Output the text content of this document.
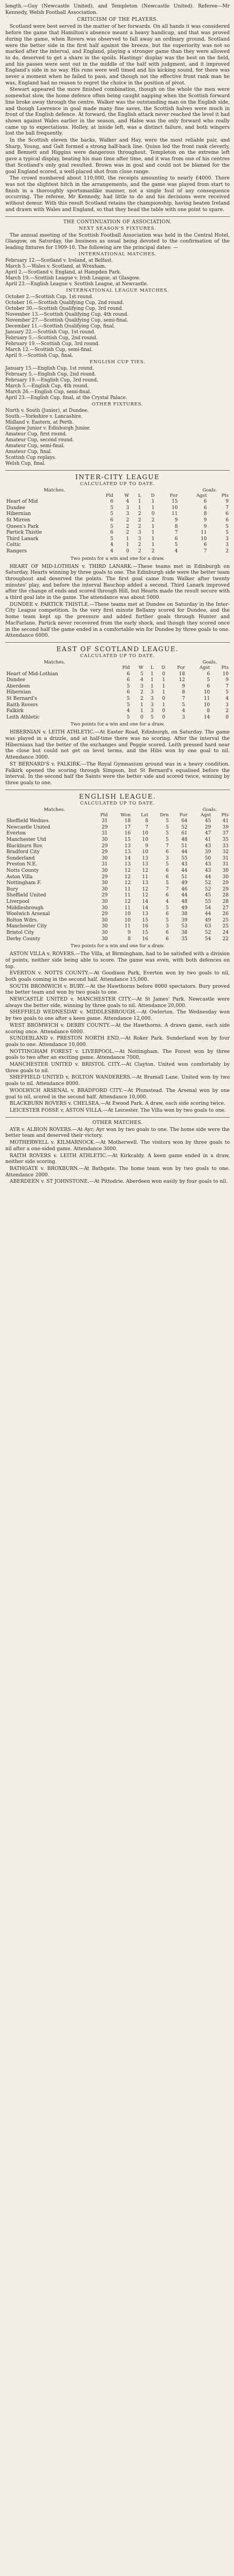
length.—Guy (Newcastle United), and Templeton (Newcastle United). Referee—Mr Kennedy, Welsh Football Association.

CRITICISM OF THE PLAYERS.

Scotland were best served in the matter of her forwards. On all hands it was considered before the game that Hamilton's absence meant a heavy handicap, and that was proved during the game, when Rovers was observed to fall away an ordinary ground. Scotland were the better side in the first half against the breeze, but the superiority was not so marked after the interval, and England, playing a stronger game than they were allowed to do, deserved to get a share in the spoils. Hastings' display was the best on the field, and his passes were sent out in the middle of the half with judgment, and it improved England's side in no way. His runs were well timed and his kicking sound, for there was never a moment when he failed to pass, and though not the effective front rank man he was, England had no reason to regret the choice in the position of pivot.

Stewart appeared the more finished combination, though on the whole the men were somewhat slow, the home defence often being caught napping when the Scottish forward line broke away through the centre. Walker was the outstanding man on the English side, and though Lawrence in goal made many fine saves, the Scottish halves were much in front of the English defence. At forward, the English attack never reached the level it had shown against Wales earlier in the season, and Halse was the only forward who really came up to expectations. Holley, at inside left, was a distinct failure, and both wingers lost the ball frequently.

In the Scottish eleven the backs, Walker and Hay, were the most reliable pair, and Sharp, Young, and Galt formed a strong half-back line. Quinn led the front rank cleverly, and Bennett and Higgins were dangerous throughout. Templeton on the extreme left gave a typical display, beating his man time after time, and it was from one of his centres that Scotland's only goal resulted. Brown was in goal and could not be blamed for the goal England scored, a well-placed shot from close range.

The crowd numbered about 110,000, the receipts amounting to nearly £4000. There was not the slightest hitch in the arrangements, and the game was played from start to finish in a thoroughly sportsmanlike manner, not a single foul of any consequence occurring. The referee, Mr Kennedy, had little to do and his decisions were received without demur. With this result Scotland retains the championship, having beaten Ireland and drawn with Wales and England, so that they head the table with one point to spare.

THE CONTINUATION OF ASSOCIATION.
NEXT SEASON'S FIXTURES.

The annual meeting of the Scottish Football Association was held in the Central Hotel, Glasgow, on Saturday, the business as usual being devoted to the confirmation of the leading fixtures for 1909-10. The following are the principal dates: —

INTERNATIONAL MATCHES.
February 12.—Scotland v. Ireland, at Belfast.
March 5.—Wales v. Scotland, at Wrexham.
April 2.—Scotland v. England, at Hampden Park.
March 19.—Scottish League v. Irish League, at Glasgow.
April 23.—English League v. Scottish League, at Newcastle.
INTERNATIONAL LEAGUE MATCHES.
October 2.—Scottish Cup, 1st round.
October 16.—Scottish Qualifying Cup, 2nd round.
October 30.—Scottish Qualifying Cup, 3rd round.
November 13.—Scottish Qualifying Cup, 4th round.
November 27.—Scottish Qualifying Cup, semi-final.
December 11.—Scottish Qualifying Cup, final.
January 22.—Scottish Cup, 1st round.
February 5.—Scottish Cup, 2nd round.
February 19.—Scottish Cup, 3rd round.
March 12.—Scottish Cup, semi-final.
April 9.—Scottish Cup, final.
ENGLISH CUP TIES.
January 15.—English Cup, 1st round.
February 5.—English Cup, 2nd round.
February 19.—English Cup, 3rd round.
March 5.—English Cup, 4th round.
March 26.—English Cup, semi-final.
April 23.—English Cup, final, at the Crystal Palace.
OTHER FIXTURES.
North v. South (Junior), at Dundee.
South.—Yorkshire v. Lancashire.
Midland v. Eastern, at Perth.
Glasgow Junior v. Edinburgh Junior.
Amateur Cup, first round.
Amateur Cup, second round.
Amateur Cup, semi-final.
Amateur Cup, final.
Scottish Cup replays.
Welsh Cup, final.
INTER-CITY LEAGUE
CALCULATED UP TO DATE.
Matches.	Goals.
	Pld	W	L	D	For	Agst	Pts
Heart of Mid	6	4	1	1	15	6	9
Dundee	5	3	1	1	10	6	7
Hibernian	5	3	2	0	11	8	6
St Mirren	6	2	2	2	9	9	6
Queen's Park	5	2	2	1	8	9	5
Partick Thistle	6	2	3	1	7	11	5
Third Lanark	5	1	3	1	6	10	3
Celtic	4	1	2	1	5	6	3
Rangers	4	0	2	2	4	7	2
Two points for a win and one for a draw.

HEART OF MID-LOTHIAN v. THIRD LANARK.—These teams met in Edinburgh on Saturday, Hearts winning by three goals to one. The Edinburgh side were the better team throughout and deserved the points. The first goal came from Walker after twenty minutes' play, and before the interval Bauchop added a second. Third Lanark improved after the change of ends and scored through Hill, but Hearts made the result secure with a third goal late in the game. The attendance was about 5000.

DUNDEE v. PARTICK THISTLE.—These teams met at Dundee on Saturday in the Inter-City League competition. In the very first minute Bellamy scored for Dundee, and the home team kept up the pressure and added further goals through Hunter and MacFarlane. Partick never recovered from the early shock, and though they scored once in the second half the game ended in a comfortable win for Dundee by three goals to one. Attendance 6000.

EAST OF SCOTLAND LEAGUE.
CALCULATED UP TO DATE.
Matches.	Goals.
	Pld	W	L	D	For	Agst	Pts
Heart of Mid-Lothian	6	5	1	0	18	6	10
Dundee	6	4	1	1	12	5	9
Aberdeen	5	3	1	1	9	6	7
Hibernian	6	2	3	1	8	10	5
St Bernard's	5	2	3	0	7	11	4
Raith Rovers	5	1	3	1	5	10	3
Falkirk	4	1	3	0	4	8	2
Leith Athletic	5	0	5	0	3	14	0
Two points for a win and one for a draw.

HIBERNIAN v. LEITH ATHLETIC.—At Easter Road, Edinburgh, on Saturday. The game was played in a drizzle, and at half-time there was no scoring. After the interval the Hibernians had the better of the exchanges and Peggie scored. Leith pressed hard near the close but could not get on level terms, and the Hibs won by one goal to nil. Attendance 3000.

ST BERNARD'S v. FALKIRK.—The Royal Gymnasium ground was in a heavy condition. Falkirk opened the scoring through Simpson, but St Bernard's equalised before the interval. In the second half the Saints were the better side and scored twice, winning by three goals to one.

ENGLISH LEAGUE.
CALCULATED UP TO DATE.
Matches.	Goals.
	Pld	Won	Lst	Drn	For	Agst	Pts
Sheffield Wednes.	31	18	8	5	64	45	41
Newcastle United	29	17	7	5	52	29	39
Everton	31	16	10	5	61	47	37
Manchester Utd	30	15	10	5	48	41	35
Blackburn Rov.	29	13	9	7	51	43	33
Bradford City	29	13	10	6	44	39	32
Sunderland	30	14	13	3	55	50	31
Preston N.E.	31	13	13	5	43	43	31
Notts County	30	12	12	6	44	43	30
Aston Villa	29	12	11	6	51	44	30
Nottingham F.	30	12	13	5	49	52	29
Bury	30	11	12	7	46	52	29
Sheffield United	29	11	12	6	44	45	28
Liverpool	30	12	14	4	48	55	28
Middlesbrough	30	11	14	5	49	54	27
Woolwich Arsenal	29	10	13	6	38	44	26
Bolton Wdrs.	30	10	15	5	39	49	25
Manchester City	30	11	16	3	53	63	25
Bristol City	30	9	15	6	38	52	24
Derby County	30	8	16	6	35	54	22
Two points for a win and one for a draw.

ASTON VILLA v. ROVERS.—The Villa, at Birmingham, had to be satisfied with a division of points, neither side being able to score. The game was even, with both defences on top.

EVERTON v. NOTTS COUNTY.—At Goodison Park, Everton won by two goals to nil, both goals coming in the second half. Attendance 15,000.

SOUTH BROMWICH v. BURY.—At the Hawthorns before 8000 spectators. Bury proved the better team and won by two goals to one.

NEWCASTLE UNITED v. MANCHESTER CITY.—At St James' Park. Newcastle were always the better side, winning by three goals to nil. Attendance 20,000.

SHEFFIELD WEDNESDAY v. MIDDLESBROUGH.—At Owlerton. The Wednesday won by two goals to one after a keen game. Attendance 12,000.

WEST BROMWICH v. DERBY COUNTY.—At the Hawthorns. A drawn game, each side scoring once. Attendance 6000.

SUNDERLAND v. PRESTON NORTH END.—At Roker Park. Sunderland won by four goals to one. Attendance 10,000.

NOTTINGHAM FOREST v. LIVERPOOL.—At Nottingham. The Forest won by three goals to two after an exciting game. Attendance 7000.

MANCHESTER UNITED v. BRISTOL CITY.—At Clayton. United won comfortably by three goals to nil.

SHEFFIELD UNITED v. BOLTON WANDERERS.—At Bramall Lane. United won by two goals to nil. Attendance 8000.

WOOLWICH ARSENAL v. BRADFORD CITY.—At Plumstead. The Arsenal won by one goal to nil, scored in the second half. Attendance 10,000.

BLACKBURN ROVERS v. CHELSEA.—At Ewood Park. A draw, each side scoring twice.

LEICESTER FOSSE v. ASTON VILLA.—At Leicester. The Villa won by two goals to one.

OTHER MATCHES.

AYR v. ALBION ROVERS.—At Ayr; Ayr won by two goals to one. The home side were the better team and deserved their victory.

MOTHERWELL v. KILMARNOCK.—At Motherwell. The visitors won by three goals to nil after a one-sided game. Attendance 3000.

RAITH ROVERS v. LEITH ATHLETIC.—At Kirkcaldy. A keen game ended in a draw, neither side scoring.

BATHGATE v. BROXBURN.—At Bathgate. The home team won by two goals to one. Attendance 2000.

ABERDEEN v. ST JOHNSTONE.—At Pittodrie. Aberdeen won easily by four goals to nil.
